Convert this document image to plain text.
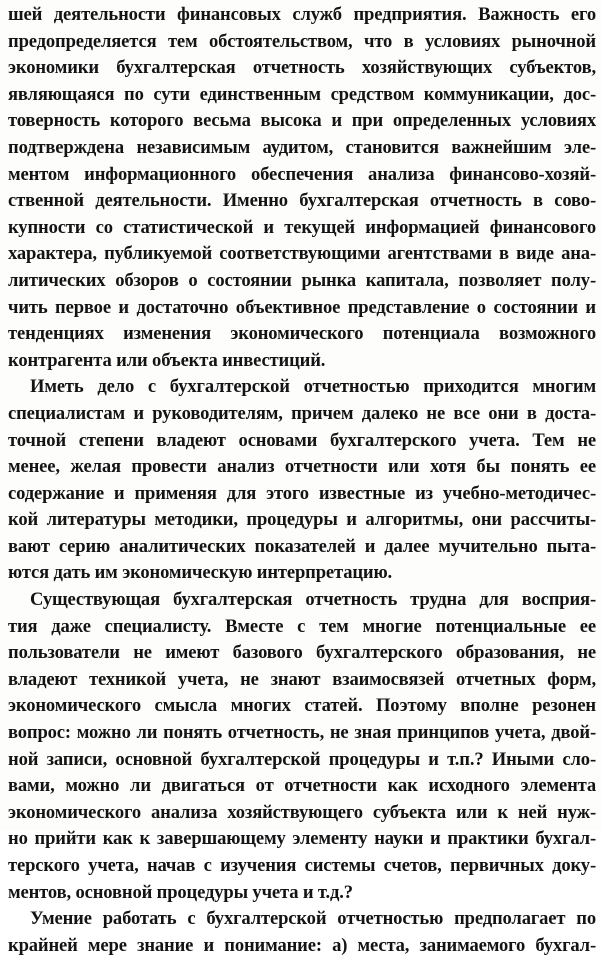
шей деятельности финансовых служб предприятия. Важность его
предопределяется тем обстоятельством, что в условиях рыночной
экономики бухгалтерская отчетность хозяйствующих субъектов,
являющаяся по сути единственным средством коммуникации, дос-
товерность которого весьма высока и при определенных условиях
подтверждена независимым аудитом, становится важнейшим эле-
ментом информационного обеспечения анализа финансово-хозяй-
ственной деятельности. Именно бухгалтерская отчетность в сово-
купности со статистической и текущей информацией финансового
характера, публикуемой соответствующими агентствами в виде ана-
литических обзоров о состоянии рынка капитала, позволяет полу-
чить первое и достаточно объективное представление о состоянии и
тенденциях изменения экономического потенциала возможного
контрагента или объекта инвестиций.
Иметь дело с бухгалтерской отчетностью приходится многим
специалистам и руководителям, причем далеко не все они в доста-
точной степени владеют основами бухгалтерского учета. Тем не
менее, желая провести анализ отчетности или хотя бы понять ее
содержание и применяя для этого известные из учебно-методичес-
кой литературы методики, процедуры и алгоритмы, они рассчиты-
вают серию аналитических показателей и далее мучительно пыта-
ются дать им экономическую интерпретацию.
Существующая бухгалтерская отчетность трудна для восприя-
тия даже специалисту. Вместе с тем многие потенциальные ее
пользователи не имеют базового бухгалтерского образования, не
владеют техникой учета, не знают взаимосвязей отчетных форм,
экономического смысла многих статей. Поэтому вполне резонен
вопрос: можно ли понять отчетность, не зная принципов учета, двой-
ной записи, основной бухгалтерской процедуры и т.п.? Иными сло-
вами, можно ли двигаться от отчетности как исходного элемента
экономического анализа хозяйствующего субъекта или к ней нуж-
но прийти как к завершающему элементу науки и практики бухгал-
терского учета, начав с изучения системы счетов, первичных доку-
ментов, основной процедуры учета и т.д.?
Умение работать с бухгалтерской отчетностью предполагает по
крайней мере знание и понимание: а) места, занимаемого бухгал-
